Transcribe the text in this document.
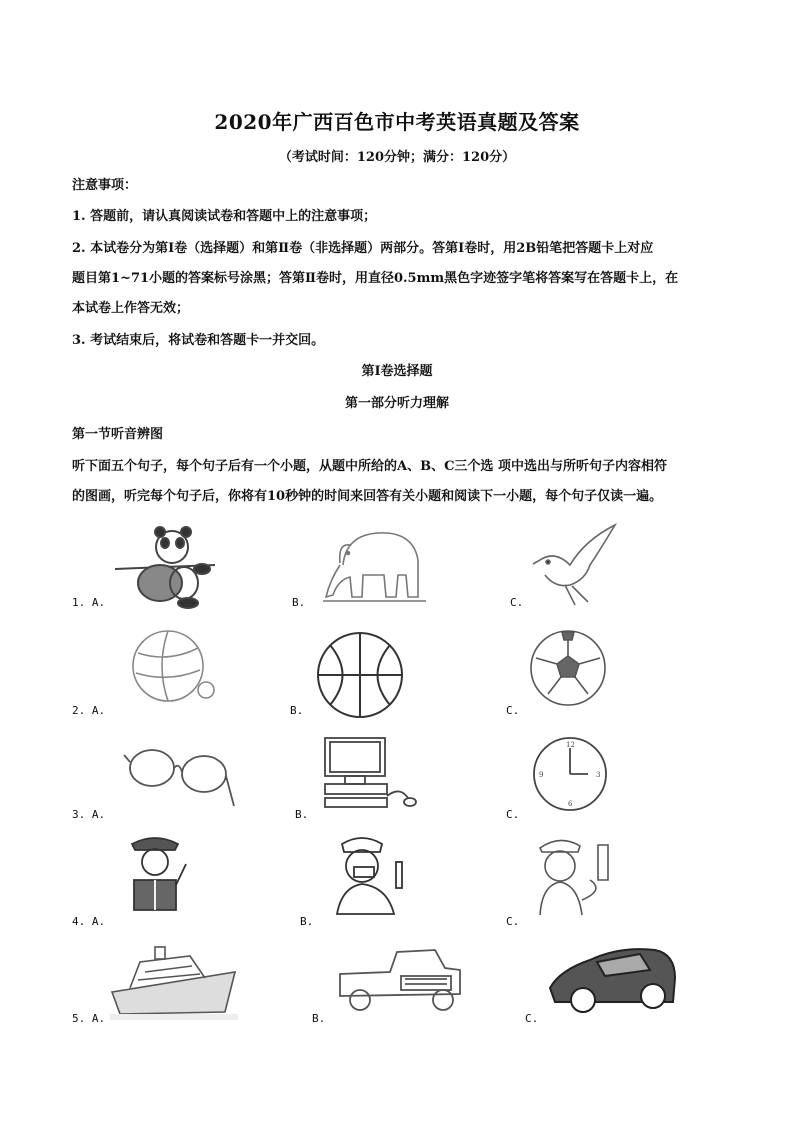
2020年广西百色市中考英语真题及答案
（考试时间：120分钟；满分：120分）
注意事项：
1. 答题前，请认真阅读试卷和答题中上的注意事项；
2. 本试卷分为第Ⅰ卷（选择题）和第Ⅱ卷（非选择题）两部分。答第Ⅰ卷时，用2B铅笔把答题卡上对应
题目第1~71小题的答案标号涂黑；答第Ⅱ卷时，用直径0.5mm黑色字迹签字笔将答案写在答题卡上，在
本试卷上作答无效；
3. 考试结束后，将试卷和答题卡一并交回。
第Ⅰ卷选择题
第一部分听力理解
第一节听音辨图
听下面五个句子，每个句子后有一个小题，从题中所给的A、B、C三个选 项中选出与所听句子内容相符
的图画，听完每个句子后，你将有10秒钟的时间来回答有关小题和阅读下一小题，每个句子仅读一遍。
1. A.	B.	C.
2. A.	B.	C.
3. A.	B.	C.
12
3
6
9
4. A.	B.	C.
5. A.	B.	C.
